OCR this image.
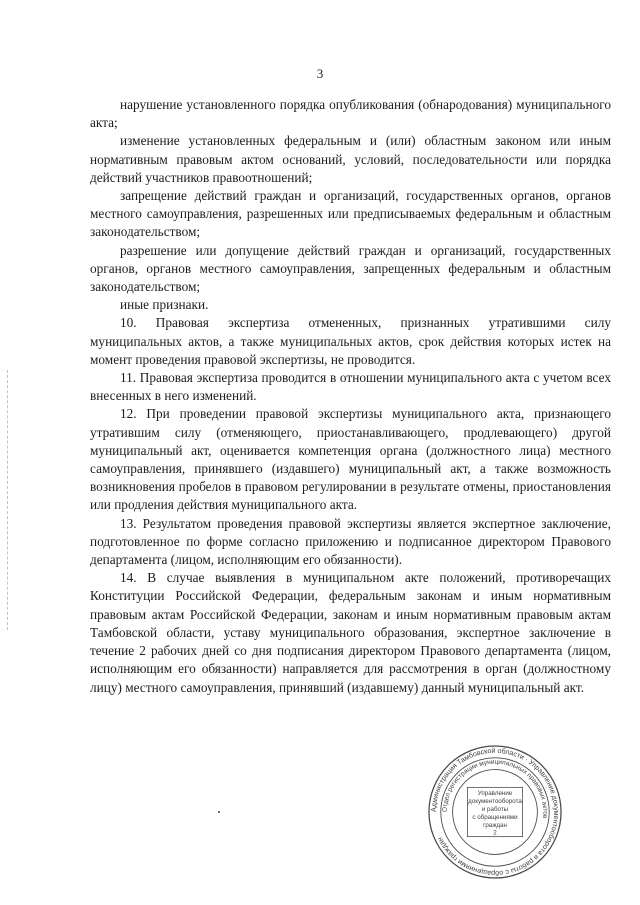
3

нарушение установленного порядка опубликования (обнародования) муниципального акта;

изменение установленных федеральным и (или) областным законом или иным нормативным правовым актом оснований, условий, последовательности или порядка действий участников правоотношений;

запрещение действий граждан и организаций, государственных органов, органов местного самоуправления, разрешенных или предписываемых федеральным и областным законодательством;

разрешение или допущение действий граждан и организаций, государственных органов, органов местного самоуправления, запрещенных федеральным и областным законодательством;

иные признаки.

10. Правовая экспертиза отмененных, признанных утратившими силу муниципальных актов, а также муниципальных актов, срок действия которых истек на момент проведения правовой экспертизы, не проводится.

11. Правовая экспертиза проводится в отношении муниципального акта с учетом всех внесенных в него изменений.

12. При проведении правовой экспертизы муниципального акта, признающего утратившим силу (отменяющего, приостанавливающего, продлевающего) другой муниципальный акт, оценивается компетенция органа (должностного лица) местного самоуправления, принявшего (издавшего) муниципальный акт, а также возможность возникновения пробелов в правовом регулировании в результате отмены, приостановления или продления действия муниципального акта.

13. Результатом проведения правовой экспертизы является экспертное заключение, подготовленное по форме согласно приложению и подписанное директором Правового департамента (лицом, исполняющим его обязанности).

14. В случае выявления в муниципальном акте положений, противоречащих Конституции Российской Федерации, федеральным законам и иным нормативным правовым актам Российской Федерации, законам и иным нормативным правовым актам Тамбовской области, уставу муниципального образования, экспертное заключение в течение 2 рабочих дней со дня подписания директором Правового департамента (лицом, исполняющим его обязанности) направляется для рассмотрения в орган (должностному лицу) местного самоуправления, принявший (издавшему) данный муниципальный акт.

Администрация Тамбовской области · Управление документооборота и работы с обращениями граждан
Отдел регистрации муниципальных правовых актов
Управление
документооборота
и работы
с обращениями
граждан
2
